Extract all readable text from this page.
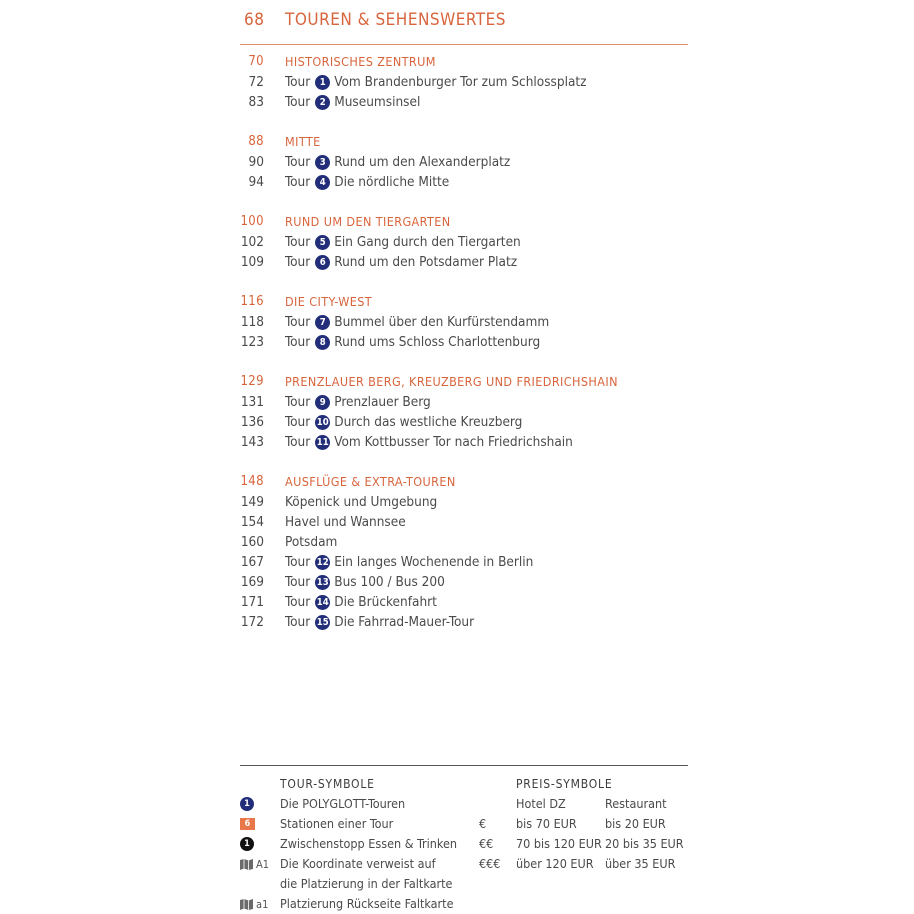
68 TOUREN & SEHENSWERTES
70 HISTORISCHES ZENTRUM
72 Tour	1 Vom Brandenburger Tor zum Schlossplatz
83 Tour	2 Museumsinsel
88 MITTE
90 Tour	3 Rund um den Alexanderplatz
94 Tour	4 Die nördliche Mitte
100 RUND UM DEN TIERGARTEN
102 Tour	5 Ein Gang durch den Tiergarten
109 Tour	6 Rund um den Potsdamer Platz
116 DIE CITY-WEST
118 Tour	7 Bummel über den Kurfürstendamm
123 Tour	8 Rund ums Schloss Charlottenburg
129 PRENZLAUER BERG, KREUZBERG UND FRIEDRICHSHAIN
131 Tour	9 Prenzlauer Berg
136 Tour 10 Durch das westliche Kreuzberg
143 Tour 11 Vom Kottbusser Tor nach Friedrichshain
148 AUSFLÜGE & EXTRA-TOUREN
149 Köpenick und Umgebung
154 Havel und Wannsee
160 Potsdam
167 Tour 12 Ein langes Wochenende in Berlin
169 Tour 13 Bus 100 / Bus 200
171 Tour 14 Die Brückenfahrt
172 Tour 15 Die Fahrrad-Mauer-Tour
TOUR-SYMBOLE	PREIS-SYMBOLE
Hotel DZ	Restaurant
1	Die POLYGLOTT-Touren
6	Stationen einer Tour
1	Zwischenstopp Essen & Trinken
A1 Die Koordinate verweist auf
die Platzierung in der Faltkarte
a1 Platzierung Rückseite Faltkarte
€ bis 70 EUR bis 20 EUR
€€ 70 bis 120 EUR 20 bis 35 EUR
€€€ über 120 EUR über 35 EUR
